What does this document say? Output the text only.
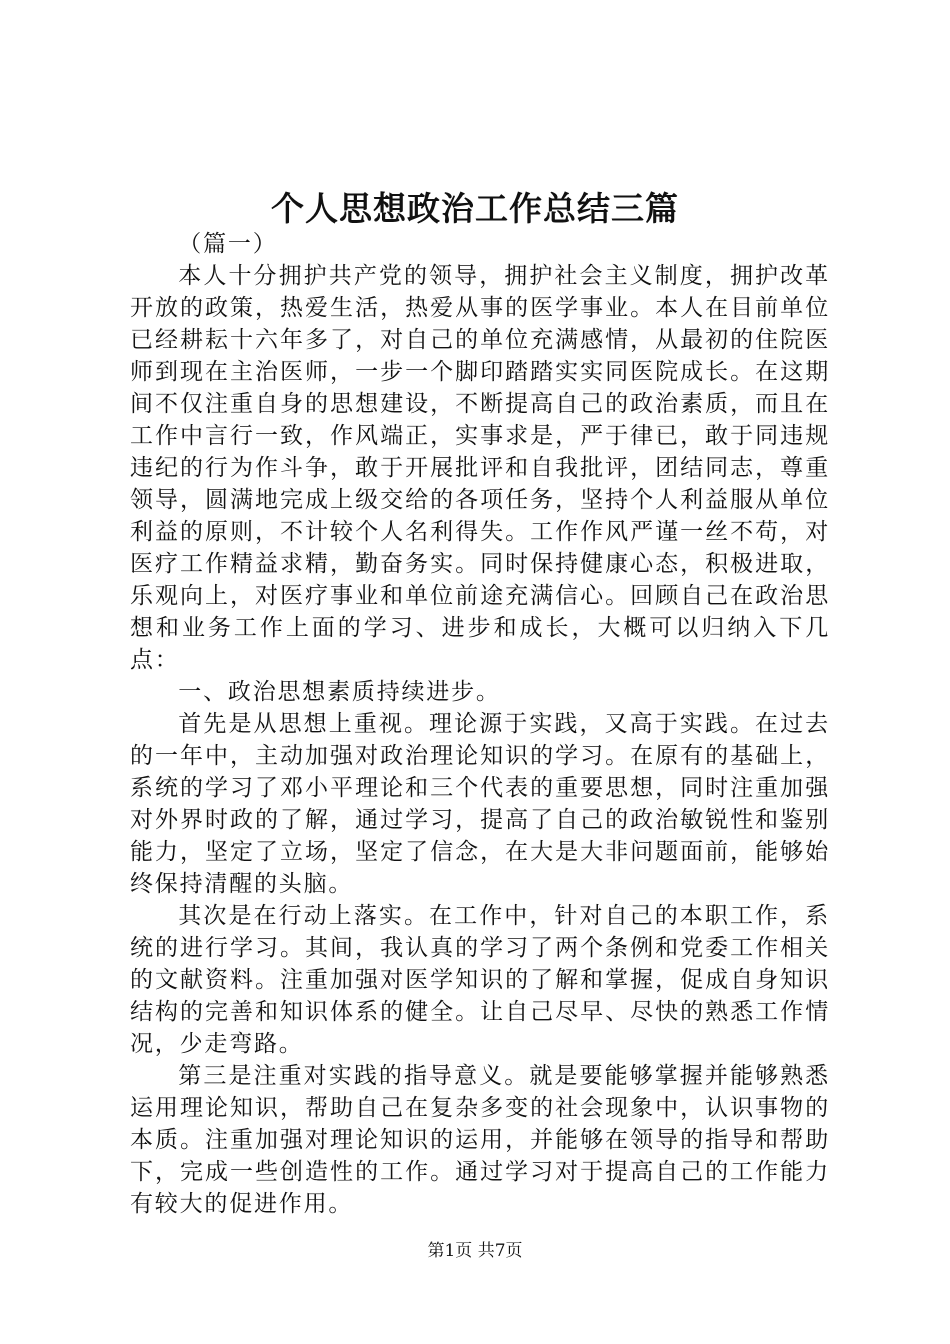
个人思想政治工作总结三篇

（篇一）

本人十分拥护共产党的领导，拥护社会主义制度，拥护改革开放的政策，热爱生活，热爱从事的医学事业。本人在目前单位已经耕耘十六年多了，对自己的单位充满感情，从最初的住院医师到现在主治医师，一步一个脚印踏踏实实同医院成长。在这期间不仅注重自身的思想建设，不断提高自己的政治素质，而且在工作中言行一致，作风端正，实事求是，严于律已，敢于同违规违纪的行为作斗争，敢于开展批评和自我批评，团结同志，尊重领导，圆满地完成上级交给的各项任务，坚持个人利益服从单位利益的原则，不计较个人名利得失。工作作风严谨一丝不苟，对医疗工作精益求精，勤奋务实。同时保持健康心态，积极进取，乐观向上，对医疗事业和单位前途充满信心。回顾自己在政治思想和业务工作上面的学习、进步和成长，大概可以归纳入下几点：

一、政治思想素质持续进步。

首先是从思想上重视。理论源于实践，又高于实践。在过去的一年中，主动加强对政治理论知识的学习。在原有的基础上，系统的学习了邓小平理论和三个代表的重要思想，同时注重加强对外界时政的了解，通过学习，提高了自己的政治敏锐性和鉴别能力，坚定了立场，坚定了信念，在大是大非问题面前，能够始终保持清醒的头脑。

其次是在行动上落实。在工作中，针对自己的本职工作，系统的进行学习。其间，我认真的学习了两个条例和党委工作相关的文献资料。注重加强对医学知识的了解和掌握，促成自身知识结构的完善和知识体系的健全。让自己尽早、尽快的熟悉工作情况，少走弯路。

第三是注重对实践的指导意义。就是要能够掌握并能够熟悉运用理论知识，帮助自己在复杂多变的社会现象中，认识事物的本质。注重加强对理论知识的运用，并能够在领导的指导和帮助下，完成一些创造性的工作。通过学习对于提高自己的工作能力有较大的促进作用。

第1页 共7页
